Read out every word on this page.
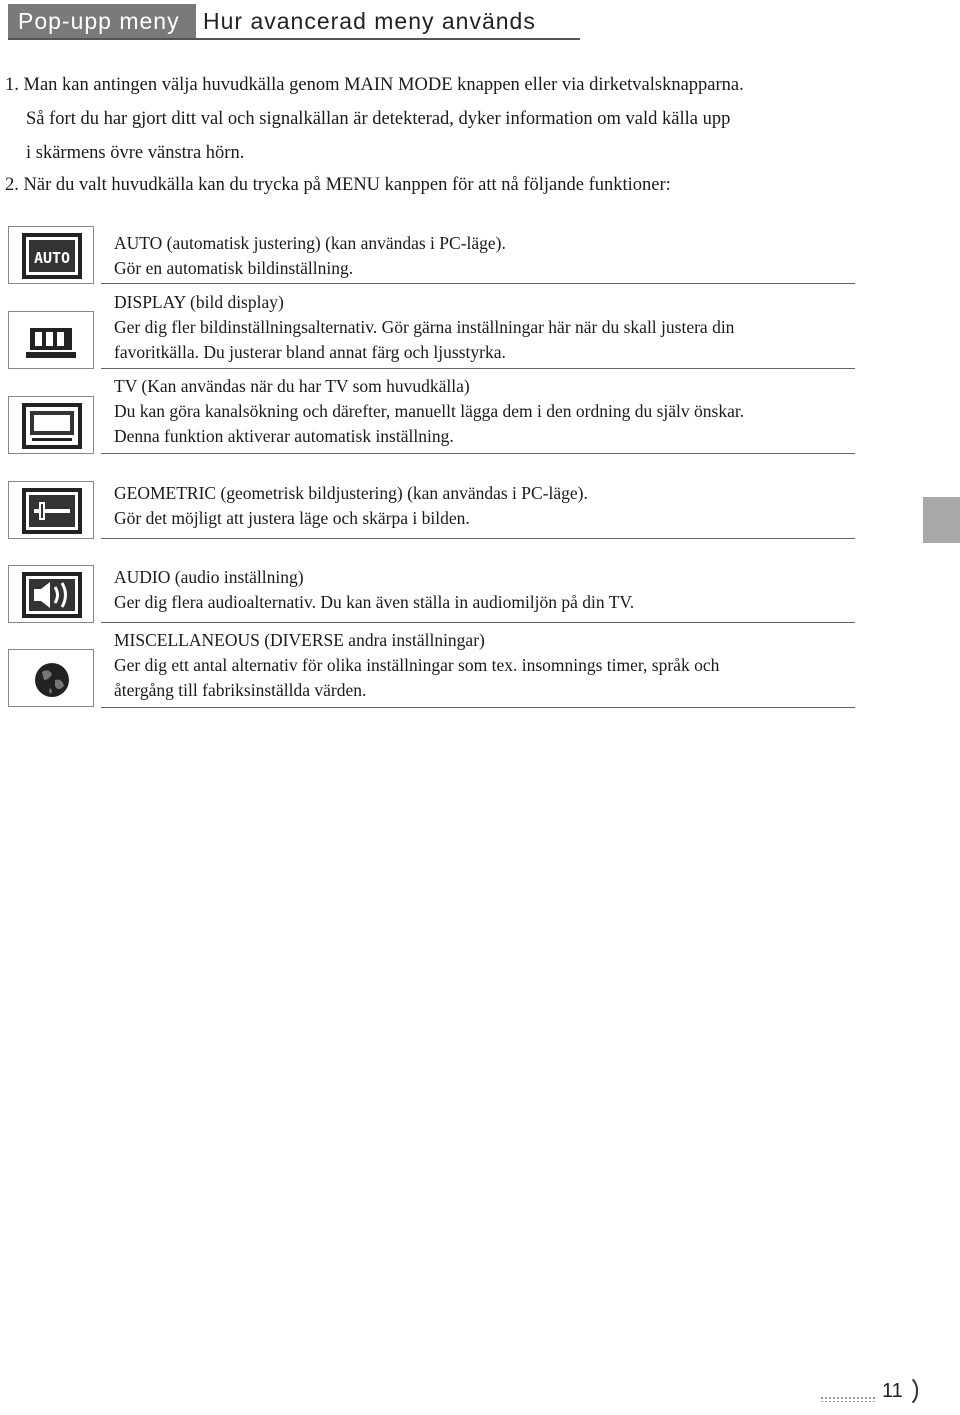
Pop-upp meny	Hur avancerad meny används
1. Man kan antingen välja huvudkälla genom MAIN MODE knappen eller via dirketvalsknapparna.
Så fort du har gjort ditt val och signalkällan är detekterad, dyker information om vald källa upp
i skärmens övre vänstra hörn.
2. När du valt huvudkälla kan du trycka på MENU kanppen för att nå följande funktioner:
AUTO
AUTO (automatisk justering) (kan användas i PC-läge).
Gör en automatisk bildinställning.
DISPLAY (bild display)
Ger dig fler bildinställningsalternativ. Gör gärna inställningar här när du skall justera din
favoritkälla. Du justerar bland annat färg och ljusstyrka.
TV (Kan användas när du har TV som huvudkälla)
Du kan göra kanalsökning och därefter, manuellt lägga dem i den ordning du själv önskar.
Denna funktion aktiverar automatisk inställning.
GEOMETRIC (geometrisk bildjustering) (kan användas i PC-läge).
Gör det möjligt att justera läge och skärpa i bilden.
AUDIO (audio inställning)
Ger dig flera audioalternativ. Du kan även ställa in audiomiljön på din TV.
MISCELLANEOUS (DIVERSE andra inställningar)
Ger dig ett antal alternativ för olika inställningar som tex. insomnings timer, språk och
återgång till fabriksinställda värden.
11
